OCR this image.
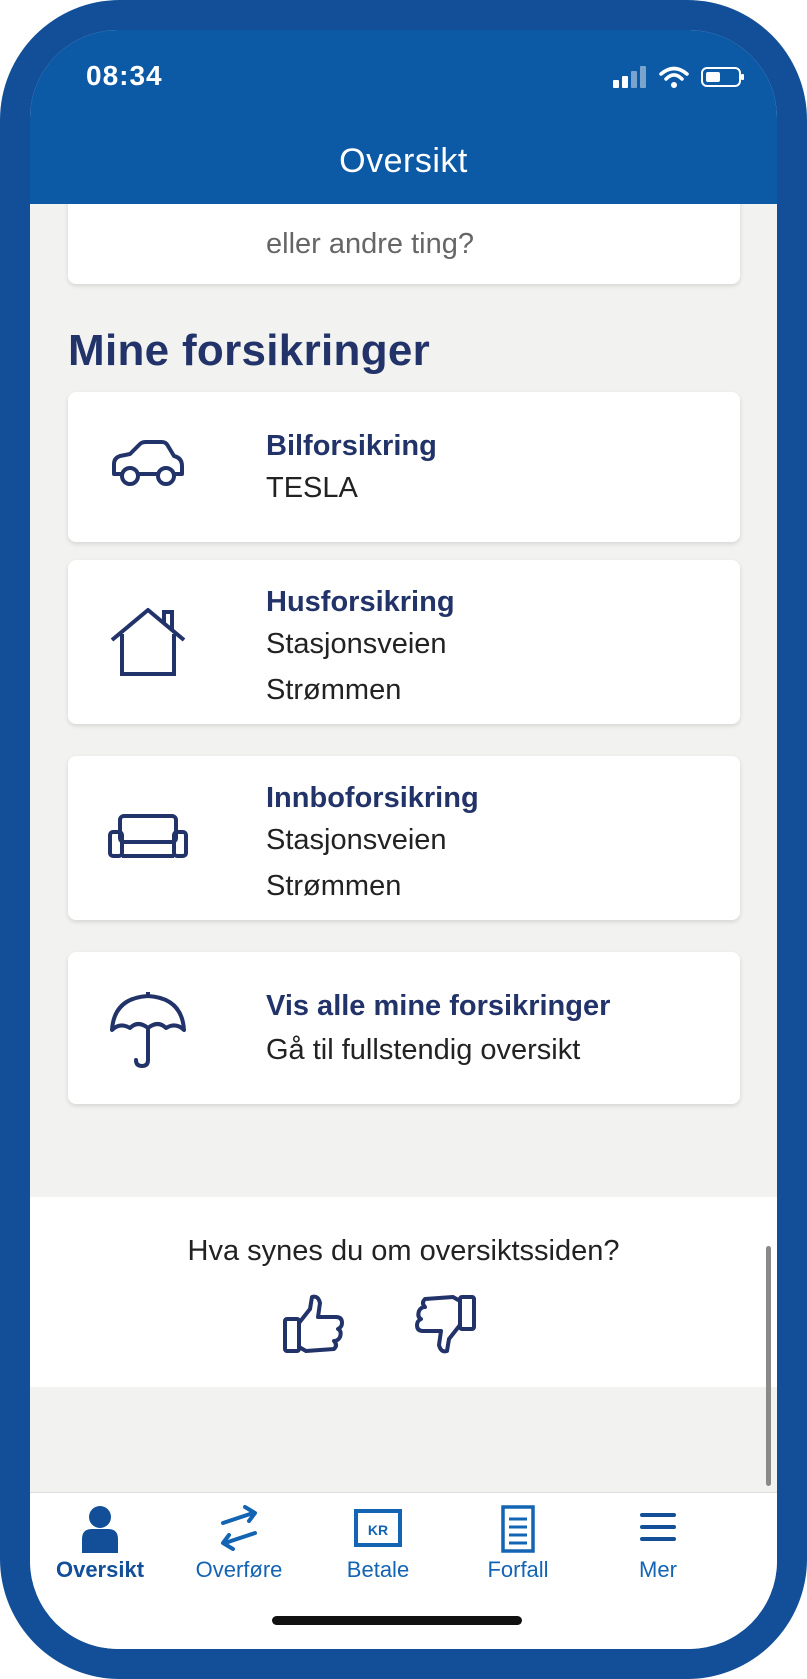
08:34
Oversikt
eller andre ting?
Mine forsikringer
Bilforsikring
TESLA
Husforsikring
Stasjonsveien
Strømmen
Innboforsikring
Stasjonsveien
Strømmen
Vis alle mine forsikringer
Gå til fullstendig oversikt
Hva synes du om oversiktssiden?
Oversikt	Overføre
KR
Betale	Forfall	Mer
